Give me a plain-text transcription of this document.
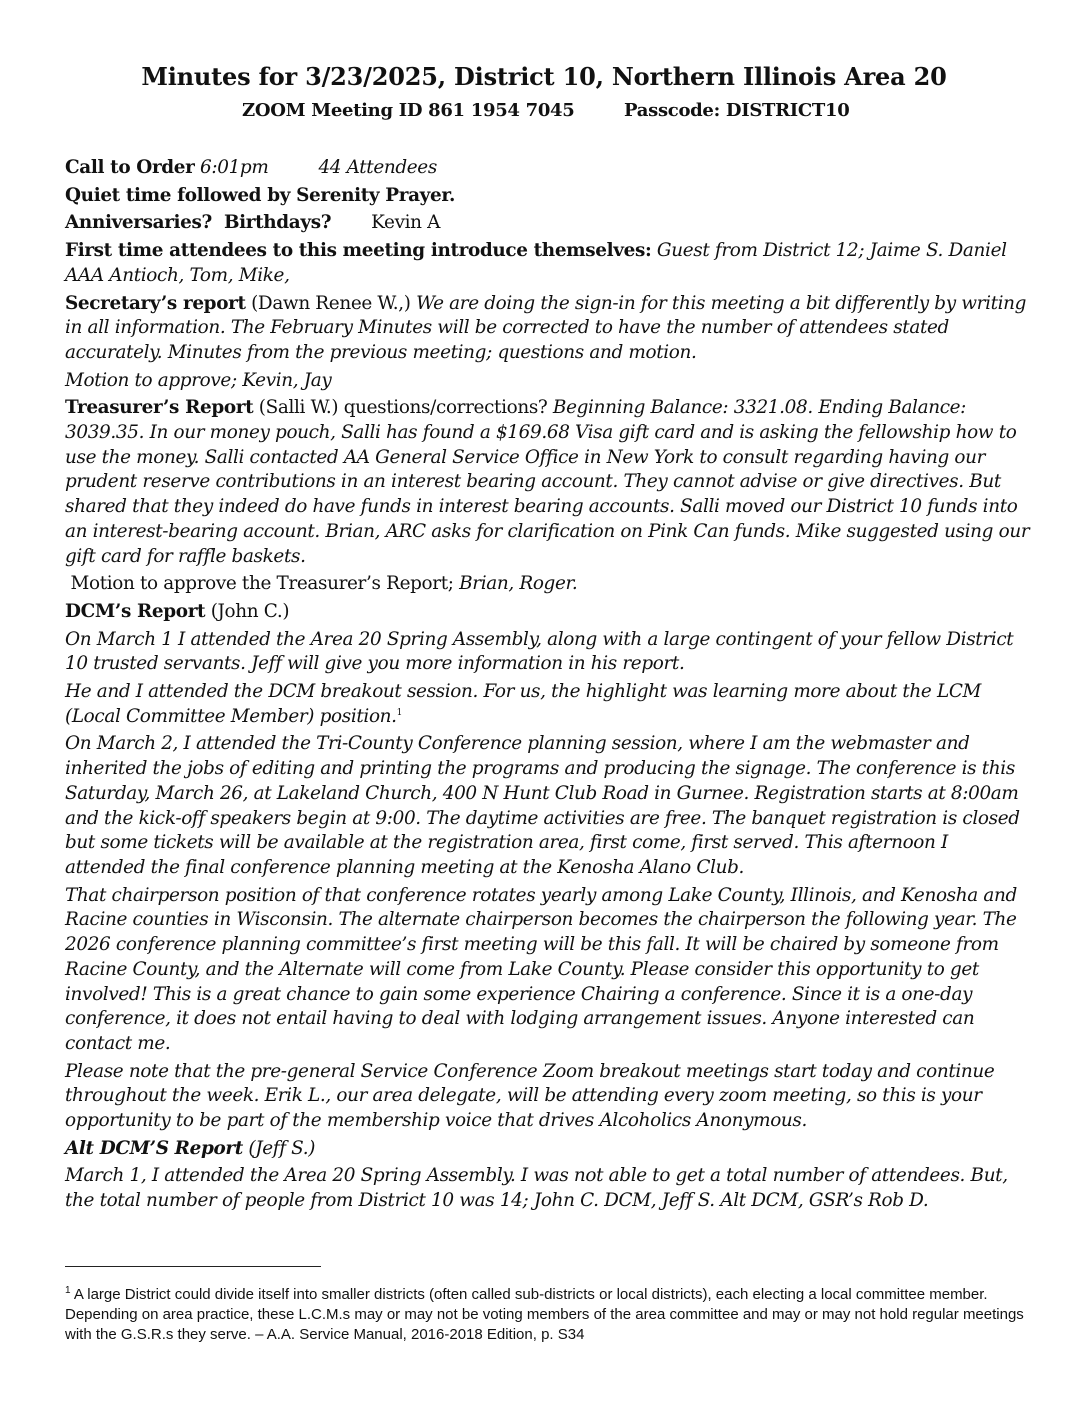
Minutes for 3/23/2025, District 10, Northern Illinois Area 20
ZOOM Meeting ID 861 1954 7045	Passcode: DISTRICT10

Call to Order 6:01pm	44 Attendees

Quiet time followed by Serenity Prayer.

Anniversaries? Birthdays? Kevin A

First time attendees to this meeting introduce themselves: Guest from District 12; Jaime S. Daniel AAA Antioch, Tom, Mike,

Secretary’s report (Dawn Renee W.,) We are doing the sign-in for this meeting a bit differently by writing in all information. The February Minutes will be corrected to have the number of attendees stated accurately. Minutes from the previous meeting; questions and motion.

Motion to approve; Kevin, Jay

Treasurer’s Report (Salli W.) questions/corrections? Beginning Balance: 3321.08. Ending Balance: 3039.35. In our money pouch, Salli has found a $169.68 Visa gift card and is asking the fellowship how to use the money. Salli contacted AA General Service Office in New York to consult regarding having our prudent reserve contributions in an interest bearing account. They cannot advise or give directives. But shared that they indeed do have funds in interest bearing accounts. Salli moved our District 10 funds into an interest-bearing account. Brian, ARC asks for clarification on Pink Can funds. Mike suggested using our gift card for raffle baskets.

Motion to approve the Treasurer’s Report; Brian, Roger.

DCM’s Report (John C.)

On March 1 I attended the Area 20 Spring Assembly, along with a large contingent of your fellow District 10 trusted servants. Jeff will give you more information in his report.

He and I attended the DCM breakout session. For us, the highlight was learning more about the LCM (Local Committee Member) position.$^1$

On March 2, I attended the Tri-County Conference planning session, where I am the webmaster and inherited the jobs of editing and printing the programs and producing the signage. The conference is this Saturday, March 26, at Lakeland Church, 400 N Hunt Club Road in Gurnee. Registration starts at 8:00am and the kick-off speakers begin at 9:00. The daytime activities are free. The banquet registration is closed but some tickets will be available at the registration area, first come, first served. This afternoon I attended the final conference planning meeting at the Kenosha Alano Club.

That chairperson position of that conference rotates yearly among Lake County, Illinois, and Kenosha and Racine counties in Wisconsin. The alternate chairperson becomes the chairperson the following year. The 2026 conference planning committee’s first meeting will be this fall. It will be chaired by someone from Racine County, and the Alternate will come from Lake County. Please consider this opportunity to get involved! This is a great chance to gain some experience Chairing a conference. Since it is a one-day conference, it does not entail having to deal with lodging arrangement issues. Anyone interested can contact me.

Please note that the pre-general Service Conference Zoom breakout meetings start today and continue throughout the week. Erik L., our area delegate, will be attending every zoom meeting, so this is your opportunity to be part of the membership voice that drives Alcoholics Anonymous.

Alt DCM’S Report (Jeff S.)

March 1, I attended the Area 20 Spring Assembly. I was not able to get a total number of attendees. But, the total number of people from District 10 was 14; John C. DCM, Jeff S. Alt DCM, GSR’s Rob D.

$^1$ A large District could divide itself into smaller districts (often called sub-districts or local districts), each electing a local committee member. Depending on area practice, these L.C.M.s may or may not be voting members of the area committee and may or may not hold regular meetings with the G.S.R.s they serve. – A.A. Service Manual, 2016-2018 Edition, p. S34
